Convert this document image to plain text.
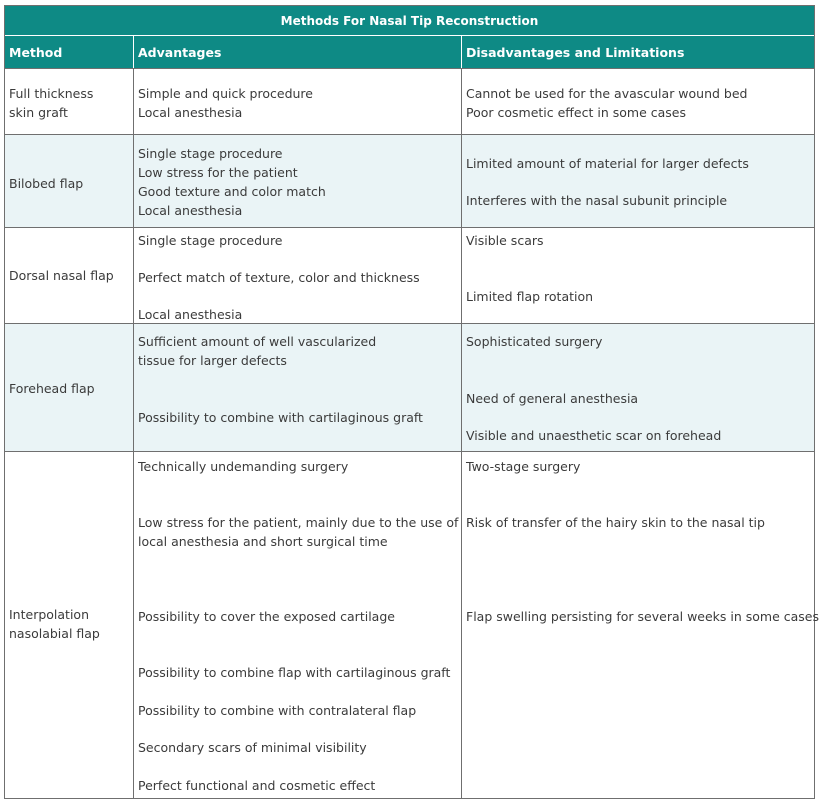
Methods For Nasal Tip Reconstruction
Method	Advantages	Disadvantages and Limitations
Full thickness
skin graft
Simple and quick procedure
Local anesthesia
Cannot be used for the avascular wound bed
Poor cosmetic effect in some cases
Bilobed flap
Single stage procedure
Low stress for the patient
Good texture and color match
Local anesthesia
Limited amount of material for larger defects
Interferes with the nasal subunit principle
Dorsal nasal flap
Single stage procedure
Perfect match of texture, color and thickness
Local anesthesia
Visible scars
Limited flap rotation
Forehead flap
Sufficient amount of well vascularized
tissue for larger defects
Possibility to combine with cartilaginous graft
Sophisticated surgery
Need of general anesthesia
Visible and unaesthetic scar on forehead
Interpolation
nasolabial flap
Technically undemanding surgery
Low stress for the patient, mainly due to the use of
local anesthesia and short surgical time
Possibility to cover the exposed cartilage
Possibility to combine flap with cartilaginous graft
Possibility to combine with contralateral flap
Secondary scars of minimal visibility
Perfect functional and cosmetic effect
Two-stage surgery
Risk of transfer of the hairy skin to the nasal tip
Flap swelling persisting for several weeks in some cases
